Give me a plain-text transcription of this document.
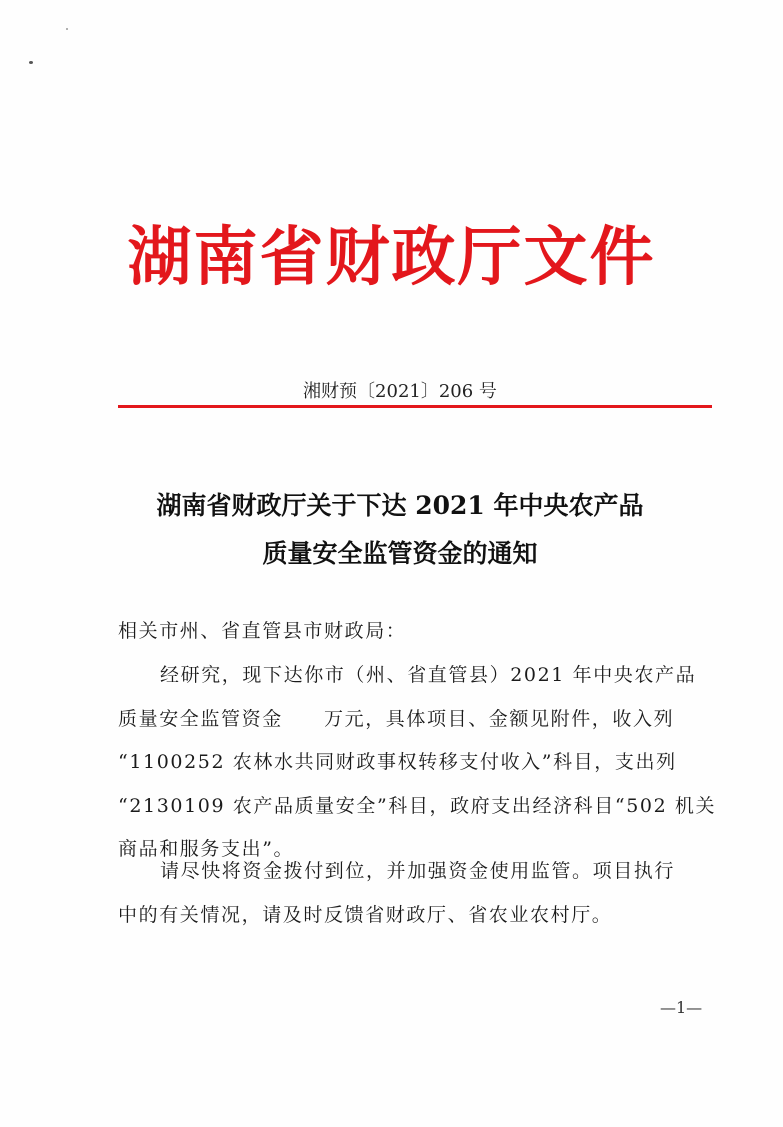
湖南省财政厅文件
湘财预〔2021〕206 号
湖南省财政厅关于下达 2021 年中央农产品
质量安全监管资金的通知
相关市州、省直管县市财政局：
经研究，现下达你市（州、省直管县）2021 年中央农产品
质量安全监管资金　　万元，具体项目、金额见附件，收入列
“1100252 农林水共同财政事权转移支付收入”科目，支出列
“2130109 农产品质量安全”科目，政府支出经济科目“502 机关
商品和服务支出”。
请尽快将资金拨付到位，并加强资金使用监管。项目执行
中的有关情况，请及时反馈省财政厅、省农业农村厅。
—1—
